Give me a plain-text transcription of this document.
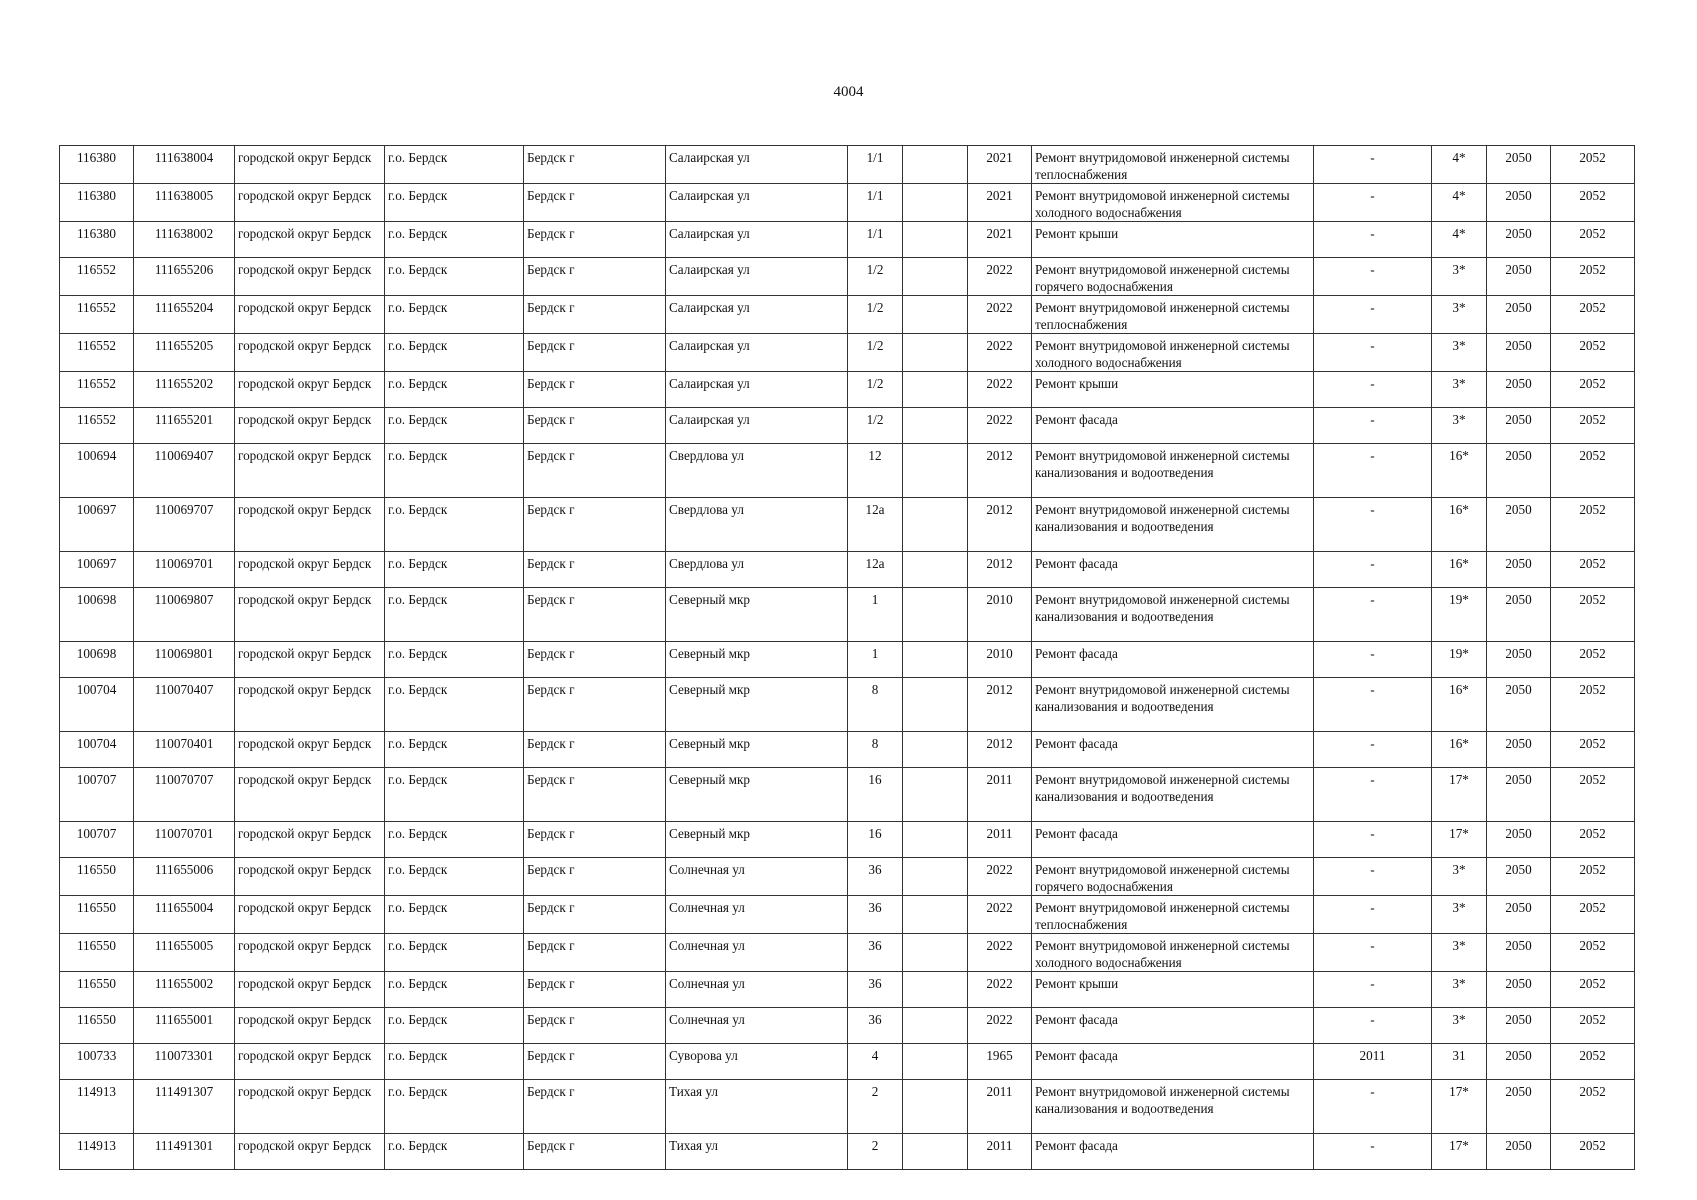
4004
116380	111638004	городской округ Бердск	г.о. Бердск	Бердск г	Салаирская ул	1/1		2021	Ремонт внутридомовой инженерной системы теплоснабжения	-	4*	2050	2052
116380	111638005	городской округ Бердск	г.о. Бердск	Бердск г	Салаирская ул	1/1		2021	Ремонт внутридомовой инженерной системы холодного водоснабжения	-	4*	2050	2052
116380	111638002	городской округ Бердск	г.о. Бердск	Бердск г	Салаирская ул	1/1		2021	Ремонт крыши	-	4*	2050	2052
116552	111655206	городской округ Бердск	г.о. Бердск	Бердск г	Салаирская ул	1/2		2022	Ремонт внутридомовой инженерной системы горячего водоснабжения	-	3*	2050	2052
116552	111655204	городской округ Бердск	г.о. Бердск	Бердск г	Салаирская ул	1/2		2022	Ремонт внутридомовой инженерной системы теплоснабжения	-	3*	2050	2052
116552	111655205	городской округ Бердск	г.о. Бердск	Бердск г	Салаирская ул	1/2		2022	Ремонт внутридомовой инженерной системы холодного водоснабжения	-	3*	2050	2052
116552	111655202	городской округ Бердск	г.о. Бердск	Бердск г	Салаирская ул	1/2		2022	Ремонт крыши	-	3*	2050	2052
116552	111655201	городской округ Бердск	г.о. Бердск	Бердск г	Салаирская ул	1/2		2022	Ремонт фасада	-	3*	2050	2052
100694	110069407	городской округ Бердск	г.о. Бердск	Бердск г	Свердлова ул	12		2012	Ремонт внутридомовой инженерной системы канализования и водоотведения	-	16*	2050	2052
100697	110069707	городской округ Бердск	г.о. Бердск	Бердск г	Свердлова ул	12а		2012	Ремонт внутридомовой инженерной системы канализования и водоотведения	-	16*	2050	2052
100697	110069701	городской округ Бердск	г.о. Бердск	Бердск г	Свердлова ул	12а		2012	Ремонт фасада	-	16*	2050	2052
100698	110069807	городской округ Бердск	г.о. Бердск	Бердск г	Северный мкр	1		2010	Ремонт внутридомовой инженерной системы канализования и водоотведения	-	19*	2050	2052
100698	110069801	городской округ Бердск	г.о. Бердск	Бердск г	Северный мкр	1		2010	Ремонт фасада	-	19*	2050	2052
100704	110070407	городской округ Бердск	г.о. Бердск	Бердск г	Северный мкр	8		2012	Ремонт внутридомовой инженерной системы канализования и водоотведения	-	16*	2050	2052
100704	110070401	городской округ Бердск	г.о. Бердск	Бердск г	Северный мкр	8		2012	Ремонт фасада	-	16*	2050	2052
100707	110070707	городской округ Бердск	г.о. Бердск	Бердск г	Северный мкр	16		2011	Ремонт внутридомовой инженерной системы канализования и водоотведения	-	17*	2050	2052
100707	110070701	городской округ Бердск	г.о. Бердск	Бердск г	Северный мкр	16		2011	Ремонт фасада	-	17*	2050	2052
116550	111655006	городской округ Бердск	г.о. Бердск	Бердск г	Солнечная ул	36		2022	Ремонт внутридомовой инженерной системы горячего водоснабжения	-	3*	2050	2052
116550	111655004	городской округ Бердск	г.о. Бердск	Бердск г	Солнечная ул	36		2022	Ремонт внутридомовой инженерной системы теплоснабжения	-	3*	2050	2052
116550	111655005	городской округ Бердск	г.о. Бердск	Бердск г	Солнечная ул	36		2022	Ремонт внутридомовой инженерной системы холодного водоснабжения	-	3*	2050	2052
116550	111655002	городской округ Бердск	г.о. Бердск	Бердск г	Солнечная ул	36		2022	Ремонт крыши	-	3*	2050	2052
116550	111655001	городской округ Бердск	г.о. Бердск	Бердск г	Солнечная ул	36		2022	Ремонт фасада	-	3*	2050	2052
100733	110073301	городской округ Бердск	г.о. Бердск	Бердск г	Суворова ул	4		1965	Ремонт фасада	2011	31	2050	2052
114913	111491307	городской округ Бердск	г.о. Бердск	Бердск г	Тихая ул	2		2011	Ремонт внутридомовой инженерной системы канализования и водоотведения	-	17*	2050	2052
114913	111491301	городской округ Бердск	г.о. Бердск	Бердск г	Тихая ул	2		2011	Ремонт фасада	-	17*	2050	2052
